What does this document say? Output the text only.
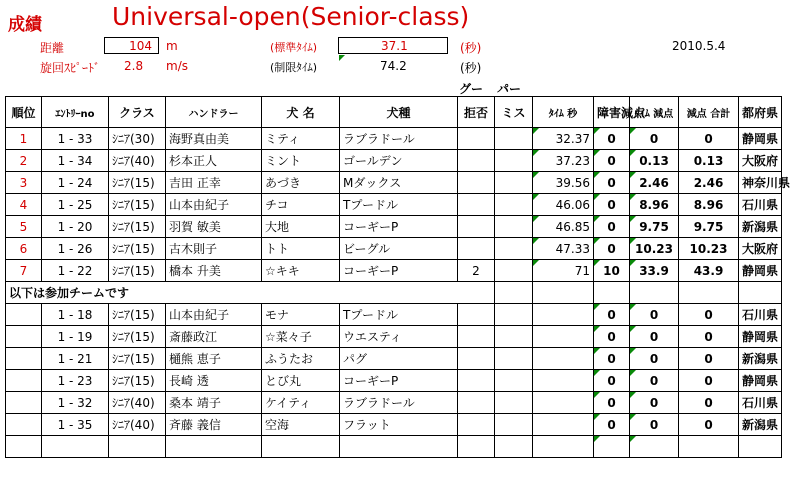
成績	Universal-open(Senior-class)
距離	104 m
旋回ｽﾋﾟｰﾄﾞ 2.8 m/s
(標準ﾀｲﾑ)	37.1	(秒)
(制限ﾀｲﾑ)	74.2	(秒)
2010.5.4
グー パー
順位	ｴﾝﾄﾘｰno	クラス	ハンドラー	犬 名	犬種	拒否	ミス	ﾀｲﾑ 秒	障害減点	ﾀｲﾑ 減点	減点 合計	都府県
1	1 - 33	ｼﾆｱ(30)	海野真由美	ミティ	ラブラドール			32.37	0	0	0	静岡県
2	1 - 34	ｼﾆｱ(40)	杉本正人	ミント	ゴールデン			37.23	0	0.13	0.13	大阪府
3	1 - 24	ｼﾆｱ(15)	吉田 正幸	あづき	Mダックス			39.56	0	2.46	2.46	神奈川県
4	1 - 25	ｼﾆｱ(15)	山本由紀子	チコ	Tプードル			46.06	0	8.96	8.96	石川県
5	1 - 20	ｼﾆｱ(15)	羽賀 敏美	大地	コーギーP			46.85	0	9.75	9.75	新潟県
6	1 - 26	ｼﾆｱ(15)	古木則子	トト	ビーグル			47.33	0	10.23	10.23	大阪府
7	1 - 22	ｼﾆｱ(15)	橋本 升美	☆キキ	コーギーP	2		71	10	33.9	43.9	静岡県
以下は参加チームです												
	1 - 18	ｼﾆｱ(15)	山本由紀子	モナ	Tプードル				0	0	0	石川県
	1 - 19	ｼﾆｱ(15)	斎藤政江	☆菜々子	ウエスティ				0	0	0	静岡県
	1 - 21	ｼﾆｱ(15)	樋熊 恵子	ふうたお	パグ				0	0	0	新潟県
	1 - 23	ｼﾆｱ(15)	長崎 透	とび丸	コーギーP				0	0	0	静岡県
	1 - 32	ｼﾆｱ(40)	桑本 靖子	ケイティ	ラブラドール				0	0	0	石川県
	1 - 35	ｼﾆｱ(40)	斉藤 義信	空海	フラット				0	0	0	新潟県
